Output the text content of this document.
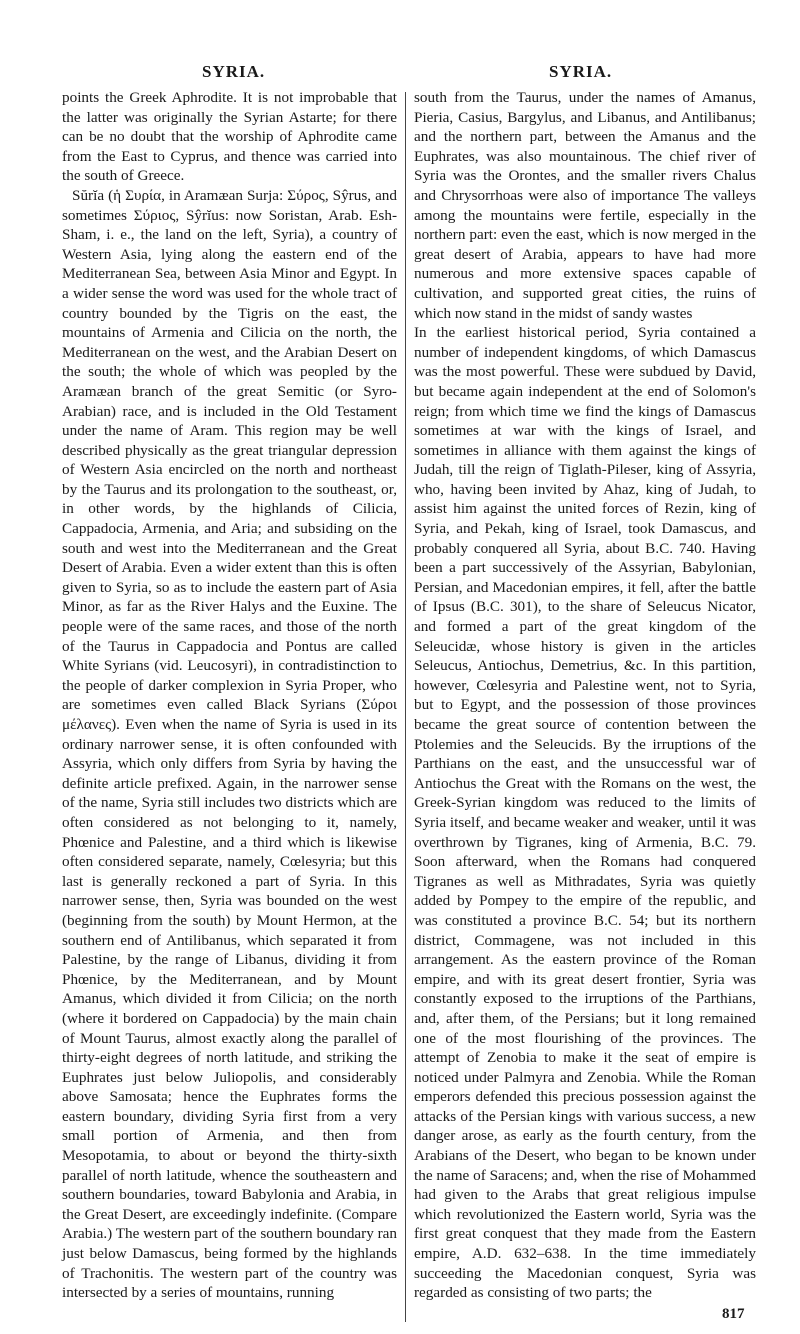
SYRIA.	SYRIA.

points the Greek Aphrodite. It is not improbable that the latter was originally the Syrian Astarte; for there can be no doubt that the worship of Aphrodite came from the East to Cyprus, and thence was carried into the south of Greece.

Sŭrĭa (ἡ Συρία, in Aramæan Surja: Σύρος, Sŷrus, and sometimes Σύριος, Sŷrĭus: now Soristan, Arab. Esh-Sham, i. e., the land on the left, Syria), a country of Western Asia, lying along the eastern end of the Mediterranean Sea, between Asia Minor and Egypt. In a wider sense the word was used for the whole tract of country bounded by the Tigris on the east, the mountains of Armenia and Cilicia on the north, the Mediterranean on the west, and the Arabian Desert on the south; the whole of which was peopled by the Aramæan branch of the great Semitic (or Syro-Arabian) race, and is included in the Old Testament under the name of Aram. This region may be well described physically as the great triangular depression of Western Asia encircled on the north and northeast by the Taurus and its prolongation to the southeast, or, in other words, by the highlands of Cilicia, Cappadocia, Armenia, and Aria; and subsiding on the south and west into the Mediterranean and the Great Desert of Arabia. Even a wider extent than this is often given to Syria, so as to include the eastern part of Asia Minor, as far as the River Halys and the Euxine. The people were of the same races, and those of the north of the Taurus in Cappadocia and Pontus are called White Syrians (vid. Leucosyri), in contradistinction to the people of darker complexion in Syria Proper, who are sometimes even called Black Syrians (Σύροι μέλανες). Even when the name of Syria is used in its ordinary narrower sense, it is often confounded with Assyria, which only differs from Syria by having the definite article prefixed. Again, in the narrower sense of the name, Syria still includes two districts which are often considered as not belonging to it, namely, Phœnice and Palestine, and a third which is likewise often considered separate, namely, Cœlesyria; but this last is generally reckoned a part of Syria. In this narrower sense, then, Syria was bounded on the west (beginning from the south) by Mount Hermon, at the southern end of Antilibanus, which separated it from Palestine, by the range of Libanus, dividing it from Phœnice, by the Mediterranean, and by Mount Amanus, which divided it from Cilicia; on the north (where it bordered on Cappadocia) by the main chain of Mount Taurus, almost exactly along the parallel of thirty-eight degrees of north latitude, and striking the Euphrates just below Juliopolis, and considerably above Samosata; hence the Euphrates forms the eastern boundary, dividing Syria first from a very small portion of Armenia, and then from Mesopotamia, to about or beyond the thirty-sixth parallel of north latitude, whence the southeastern and southern boundaries, toward Babylonia and Arabia, in the Great Desert, are exceedingly indefinite. (Compare Arabia.) The western part of the southern boundary ran just below Damascus, being formed by the highlands of Trachonitis. The western part of the country was intersected by a series of mountains, running

south from the Taurus, under the names of Amanus, Pieria, Casius, Bargylus, and Libanus, and Antilibanus; and the northern part, between the Amanus and the Euphrates, was also mountainous. The chief river of Syria was the Orontes, and the smaller rivers Chalus and Chrysorrhoas were also of importance The valleys among the mountains were fertile, especially in the northern part: even the east, which is now merged in the great desert of Arabia, appears to have had more numerous and more extensive spaces capable of cultivation, and supported great cities, the ruins of which now stand in the midst of sandy wastes

In the earliest historical period, Syria contained a number of independent kingdoms, of which Damascus was the most powerful. These were subdued by David, but became again independent at the end of Solomon's reign; from which time we find the kings of Damascus sometimes at war with the kings of Israel, and sometimes in alliance with them against the kings of Judah, till the reign of Tiglath-Pileser, king of Assyria, who, having been invited by Ahaz, king of Judah, to assist him against the united forces of Rezin, king of Syria, and Pekah, king of Israel, took Damascus, and probably conquered all Syria, about B.C. 740. Having been a part successively of the Assyrian, Babylonian, Persian, and Macedonian empires, it fell, after the battle of Ipsus (B.C. 301), to the share of Seleucus Nicator, and formed a part of the great kingdom of the Seleucidæ, whose history is given in the articles Seleucus, Antiochus, Demetrius, &c. In this partition, however, Cœlesyria and Palestine went, not to Syria, but to Egypt, and the possession of those provinces became the great source of contention between the Ptolemies and the Seleucids. By the irruptions of the Parthians on the east, and the unsuccessful war of Antiochus the Great with the Romans on the west, the Greek-Syrian kingdom was reduced to the limits of Syria itself, and became weaker and weaker, until it was overthrown by Tigranes, king of Armenia, B.C. 79. Soon afterward, when the Romans had conquered Tigranes as well as Mithradates, Syria was quietly added by Pompey to the empire of the republic, and was constituted a province B.C. 54; but its northern district, Commagene, was not included in this arrangement. As the eastern province of the Roman empire, and with its great desert frontier, Syria was constantly exposed to the irruptions of the Parthians, and, after them, of the Persians; but it long remained one of the most flourishing of the provinces. The attempt of Zenobia to make it the seat of empire is noticed under Palmyra and Zenobia. While the Roman emperors defended this precious possession against the attacks of the Persian kings with various success, a new danger arose, as early as the fourth century, from the Arabians of the Desert, who began to be known under the name of Saracens; and, when the rise of Mohammed had given to the Arabs that great religious impulse which revolutionized the Eastern world, Syria was the first great conquest that they made from the Eastern empire, A.D. 632–638. In the time immediately succeeding the Macedonian conquest, Syria was regarded as consisting of two parts; the

817
